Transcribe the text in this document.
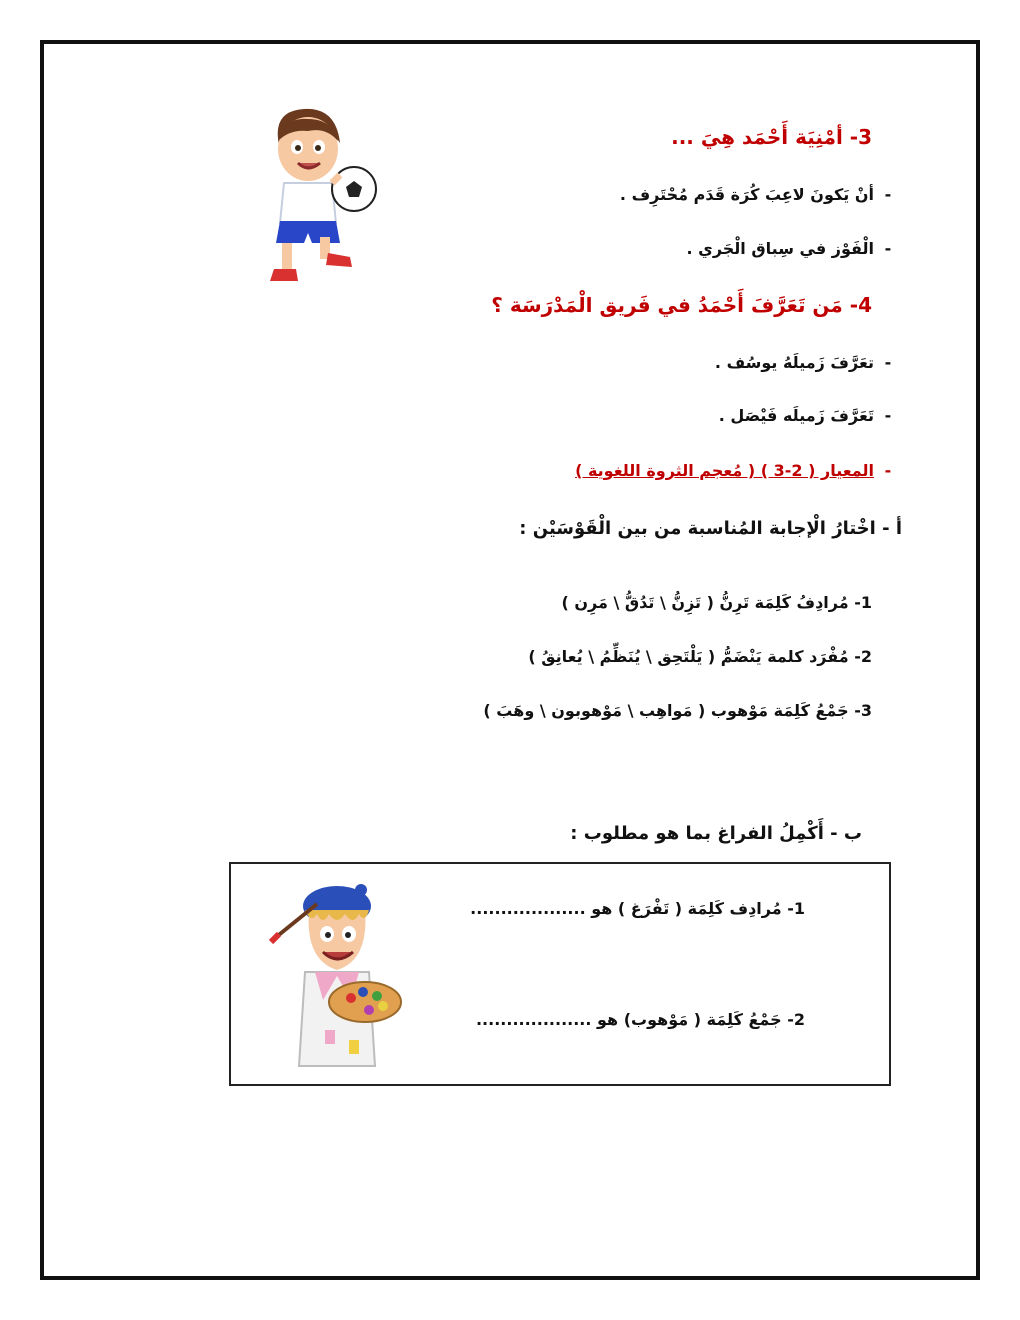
3- أمْنِيَة أَحْمَد هِيَ ...
-أنْ يَكونَ لاعِبَ كُرَة قَدَم مُحْتَرِف .
-الْفَوْز في سِباق الْجَري .
4- مَن تَعَرَّفَ أَحْمَدُ في فَريق الْمَدْرَسَة ؟
-تعَرَّفَ زَميلَهُ يوسُف .
-تَعَرَّفَ زَميلَه فَيْصَل .
-المعيار ( 2-3 ) ( مُعجم الثروة اللغوية )
أ - اخْتارُ الْإجابة المُناسبة من بين الْقَوْسَيْن :
1- مُرادِفُ كَلِمَة تَرِنُّ ( تَزِنُّ \ تَدُقُّ \ مَرِن )
2- مُفْرَد كلمة يَنْضَمُّ ( يَلْتَحِق \ يُنَظِّمُ \ يُعانِقُ )
3- جَمْعُ كَلِمَة مَوْهوب ( مَواهِب \ مَوْهوبون \ وهَبَ )
ب - أَكْمِلُ الفراغ بما هو مطلوب :
1- مُرادِف كَلِمَة ( تَفْرَغ ) هو ...................
2- جَمْعُ كَلِمَة ( مَوْهوب) هو ...................
